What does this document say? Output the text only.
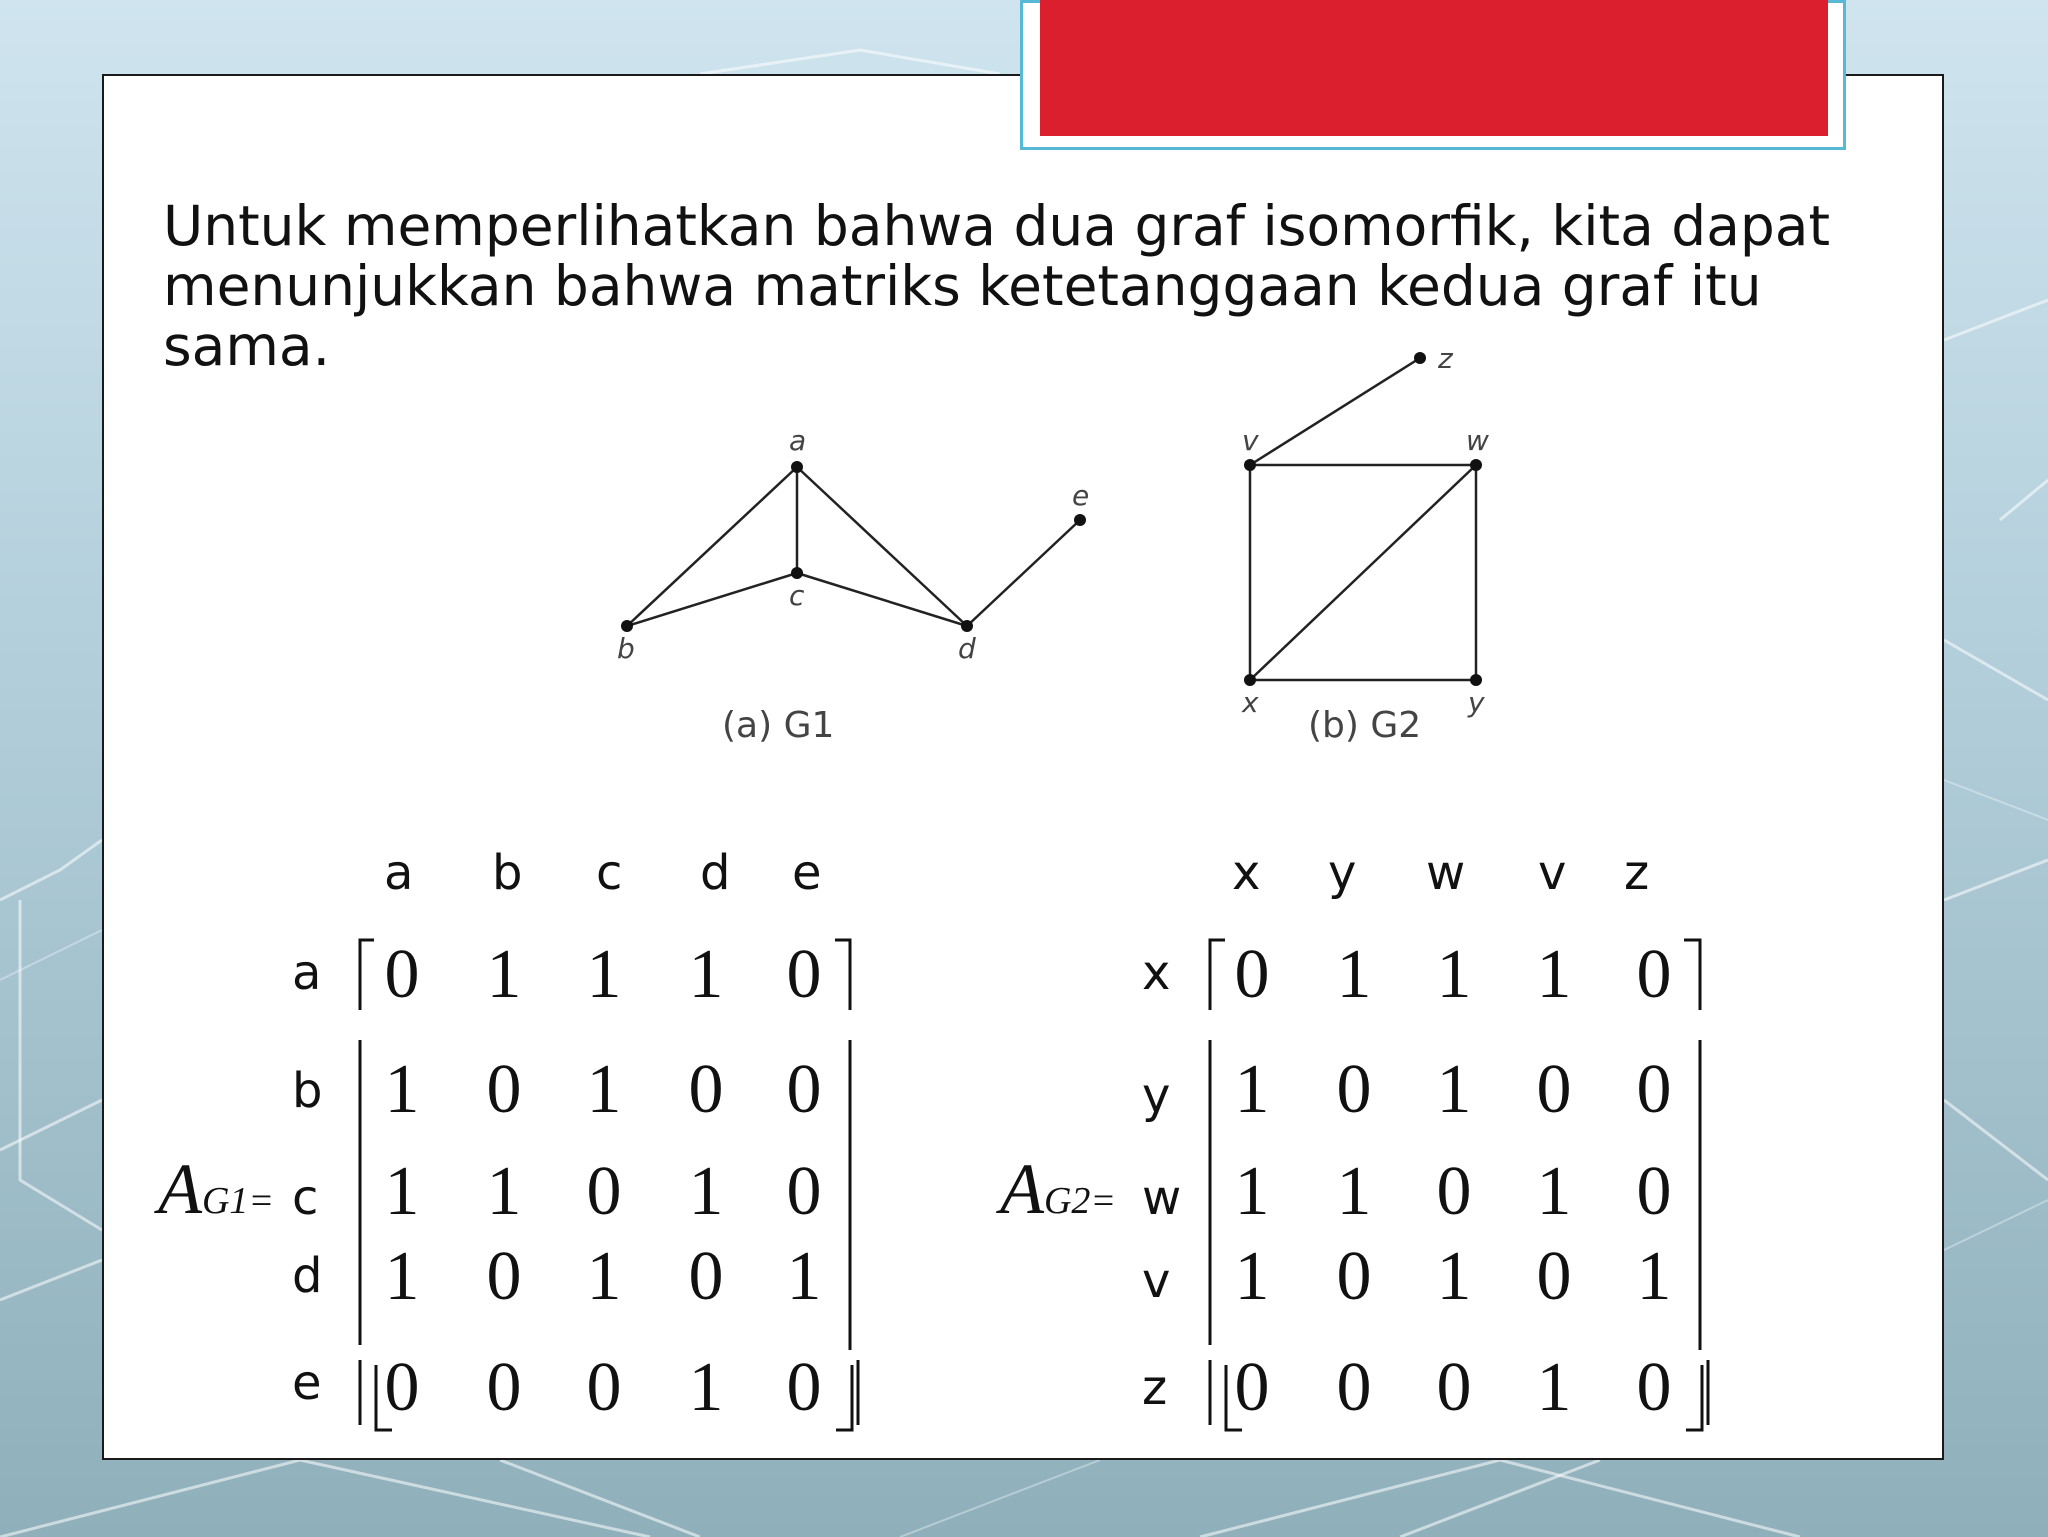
Untuk memperlihatkan bahwa dua graf isomorfik, kita dapat
menunjukkan bahwa matriks ketetanggaan kedua graf itu
sama.
a
b
c
d
e
(a) G1
v	w
x	y
z
(b) G2
a b c d e
a
b
c
d
e
AG1=
x y w v z
x
y
w
v
z
AG2=
0 1 1 1 0
1 0 1 0 0
1 1 0 1 0
1 0 1 0 1
0 0 0 1 0
0 1 1 1 0
1 0 1 0 0
1 1 0 1 0
1 0 1 0 1
0 0 0 1 0
